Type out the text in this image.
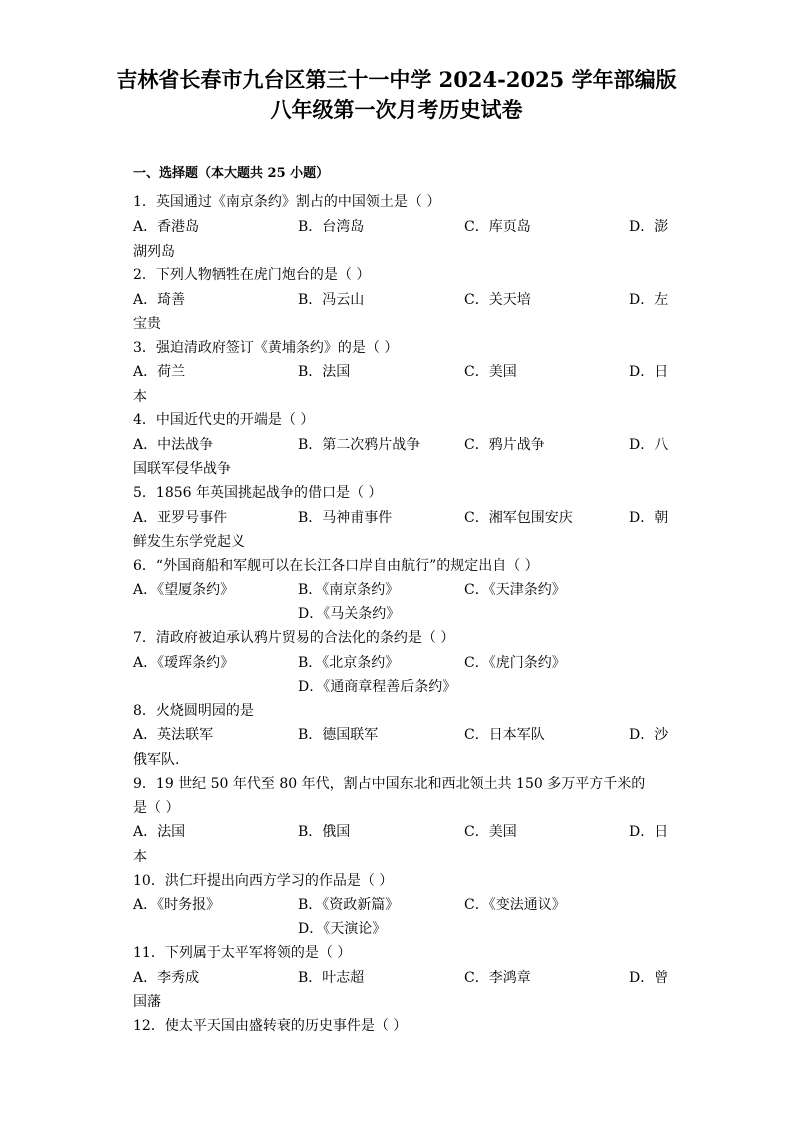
吉林省长春市九台区第三十一中学 2024-2025 学年部编版
八年级第一次月考历史试卷
一、选择题（本大题共 25 小题）
1．英国通过《南京条约》割占的中国领土是（ ）
A．香港岛	B．台湾岛	C．库页岛	D．澎
湖列岛
2．下列人物牺牲在虎门炮台的是（ ）
A．琦善	B．冯云山	C．关天培	D．左
宝贵
3．强迫清政府签订《黄埔条约》的是（ ）
A．荷兰	B．法国	C．美国	D．日
本
4．中国近代史的开端是（ ）
A．中法战争	B．第二次鸦片战争	C．鸦片战争	D．八
国联军侵华战争
5．1856 年英国挑起战争的借口是（ ）
A．亚罗号事件	B．马神甫事件	C．湘军包围安庆	D．朝
鲜发生东学党起义
6．“外国商船和军舰可以在长江各口岸自由航行”的规定出自（ ）
A．《望厦条约》	B．《南京条约》	C．《天津条约》
D．《马关条约》
7．清政府被迫承认鸦片贸易的合法化的条约是（ ）
A．《瑷珲条约》	B．《北京条约》	C．《虎门条约》
D．《通商章程善后条约》
8．火烧圆明园的是
A．英法联军	B．德国联军	C．日本军队	D．沙
俄军队.
9．19 世纪 50 年代至 80 年代，割占中国东北和西北领土共 150 多万平方千米的
是（ ）
A．法国	B．俄国	C．美国	D．日
本
10．洪仁玕提出向西方学习的作品是（ ）
A．《时务报》	B．《资政新篇》	C．《变法通议》
D．《天演论》
11．下列属于太平军将领的是（ ）
A．李秀成	B．叶志超	C．李鸿章	D．曾
国藩
12．使太平天国由盛转衰的历史事件是（ ）
